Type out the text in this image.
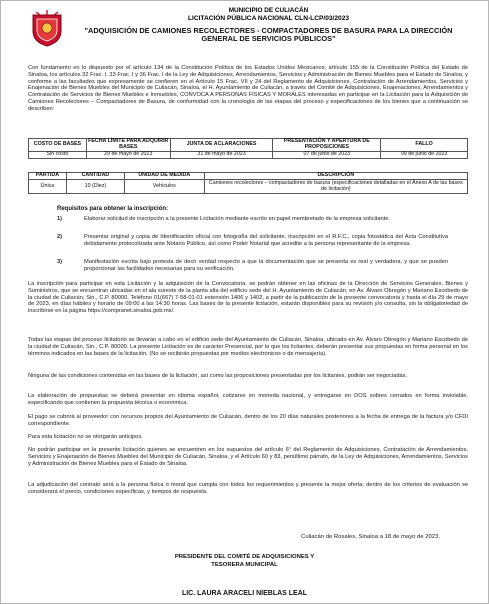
MUNICIPIO DE CULIACÁN
LICITACIÓN PÚBLICA NACIONAL CLN-LCP/03/2023
"ADQUISICIÓN DE CAMIONES RECOLECTORES - COMPACTADORES DE BASURA PARA LA DIRECCIÓN GENERAL DE SERVICIOS PÚBLICOS"

Con fundamento en lo dispuesto por el artículo 134 de la Constitución Política de los Estados Unidos Mexicanos; artículo 155 de la Constitución Política del Estado de Sinaloa, los artículos 32 Frac. I, 33 Frac. I y 36 Frac. I de la Ley de Adquisiciones, Arrendamientos, Servicios y Administración de Bienes Muebles para el Estado de Sinaloa, y conforme a las facultades que expresamente se confieren en el Artículo 15 Frac. VII y 24 del Reglamento de Adquisiciones, Contratación de Arrendamientos, Servicios y Enajenación de Bienes Muebles del Municipio de Culiacán, Sinaloa, el H. Ayuntamiento de Culiacán, a través del Comité de Adquisiciones, Enajenaciones, Arrendamientos y Contratación de Servicios de Bienes Muebles e Inmuebles, CONVOCA A PERSONAS FÍSICAS Y MORALES interesadas en participar en la Licitación para la Adquisición de Camiones Recolectores – Compactadores de Basura, de conformidad con la cronología de las etapas del proceso y especificaciones de los bienes que a continuación se describen:

COSTO DE BASES	FECHA LÍMITE PARA ADQUIRIR BASES	JUNTA DE ACLARACIONES	PRESENTACIÓN Y APERTURA DE PROPOSICIONES	FALLO
Sin costo	29 de mayo de 2023	31 de mayo de 2023	07 de junio de 2023	09 de junio de 2023
PARTIDA	CANTIDAD	UNIDAD DE MEDIDA	DESCRIPCIÓN
Única	10 (Diez)	Vehículos	Camiones recolectores – compactadores de basura (especificaciones detalladas en el Anexo A de las bases de licitación)
Requisitos para obtener la inscripción:
1)	Elaborar solicitud de inscripción a la presente Licitación mediante escrito en papel membretado de la empresa solicitante.

2)	Presentar original y copia de Identificación oficial con fotografía del solicitante, inscripción en el R.F.C., copia fotostática del Acta Constitutiva debidamente protocolizada ante Notario Público, así como Poder Notarial que acredite a la persona representante de la empresa.

3)	Manifestación escrita bajo protesta de decir verdad respecto a que la documentación que se presenta es real y verdadera, y que se pueden proporcionar las facilidades necesarias para su verificación.

La inscripción para participar en esta Licitación y la adquisición de la Convocatoria, se podrán obtener en las oficinas de la Dirección de Servicios Generales, Bienes y Suministros, que se encuentran ubicadas en el ala sureste de la planta alta del edificio sede del H. Ayuntamiento de Culiacán, en Av. Álvaro Obregón y Mariano Escobedo de la ciudad de Culiacán, Sin., C.P. 80000, Teléfono 01(667) 7-58-01-01 extensión 1406 y 1402, a partir de la publicación de la presente convocatoria y hasta el día 29 de mayo de 2023, en días hábiles y horario de 09:00 a las 14:30 horas. Las bases de la presente licitación, estarán disponibles para su revisión y/o consulta, sin la obligatoriedad de inscribirse en la página https://compranet.sinaloa.gob.mx/.

Todas las etapas del proceso licitatorio se llevarán a cabo en el edificio sede del Ayuntamiento de Culiacán, Sinaloa, ubicado en Av. Álvaro Obregón y Mariano Escobedo de la ciudad de Culiacán, Sin., C.P. 80000. La presente Licitación es de carácter Presencial, por lo que los licitantes, deberán presentar sus propuestas en forma personal en los términos indicados en las bases de la licitación. (No se recibirán propuestas por medios electrónicos o de mensajería).

Ninguna de las condiciones contenidas en las bases de la licitación, así como las proposiciones presentadas por los licitantes, podrán ser negociadas.

La elaboración de propuestas se deberá presentar en idioma español, cotizarse en moneda nacional, y entregarse en DOS sobres cerrados en forma inviolable, especificando que contienen la propuesta técnica o económica.

El pago se cubrirá al proveedor con recursos propios del Ayuntamiento de Culiacán, dentro de los 20 días naturales posteriores a la fecha de entrega de la factura y/o CFDI correspondiente.

Para esta licitación no se otorgarán anticipos.

No podrán participar en la presente licitación quienes se encuentren en los supuestos del artículo 6° del Reglamento de Adquisiciones, Contratación de Arrendamientos, Servicios y Enajenación de Bienes Muebles del Municipio de Culiacán, Sinaloa, y el Artículo 60 y 83, penúltimo párrafo, de la Ley de Adquisiciones, Arrendamientos, Servicios y Administración de Bienes Muebles para el Estado de Sinaloa.

La adjudicación del contrato será a la persona física o moral que cumpla con todos los requerimientos y presente la mejor oferta; dentro de los criterios de evaluación se considerará el precio, condiciones específicas, y tiempos de respuesta.

Culiacán de Rosales, Sinaloa a 18 de mayo de 2023.
PRESIDENTE DEL COMITÉ DE ADQUISICIONES Y
TESORERA MUNICIPAL
LIC. LAURA ARACELI NIEBLAS LEAL
